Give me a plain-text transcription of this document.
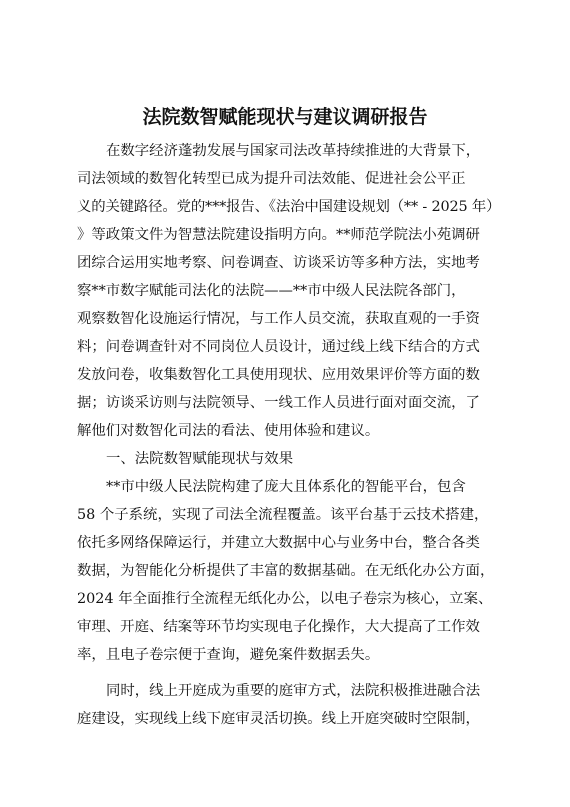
法院数智赋能现状与建议调研报告
在数字经济蓬勃发展与国家司法改革持续推进的大背景下，
司法领域的数智化转型已成为提升司法效能、促进社会公平正
义的关键路径。党的***报告、《法治中国建设规划（** - 2025 年）
》等政策文件为智慧法院建设指明方向。**师范学院法小苑调研
团综合运用实地考察、问卷调查、访谈采访等多种方法，实地考
察**市数字赋能司法化的法院——**市中级人民法院各部门，
观察数智化设施运行情况，与工作人员交流，获取直观的一手资
料；问卷调查针对不同岗位人员设计，通过线上线下结合的方式
发放问卷，收集数智化工具使用现状、应用效果评价等方面的数
据；访谈采访则与法院领导、一线工作人员进行面对面交流，了
解他们对数智化司法的看法、使用体验和建议。
一、法院数智赋能现状与效果
**市中级人民法院构建了庞大且体系化的智能平台，包含
58 个子系统，实现了司法全流程覆盖。该平台基于云技术搭建，
依托多网络保障运行，并建立大数据中心与业务中台，整合各类
数据，为智能化分析提供了丰富的数据基础。在无纸化办公方面，
2024 年全面推行全流程无纸化办公，以电子卷宗为核心，立案、
审理、开庭、结案等环节均实现电子化操作，大大提高了工作效
率，且电子卷宗便于查询，避免案件数据丢失。
同时，线上开庭成为重要的庭审方式，法院积极推进融合法
庭建设，实现线上线下庭审灵活切换。线上开庭突破时空限制，
